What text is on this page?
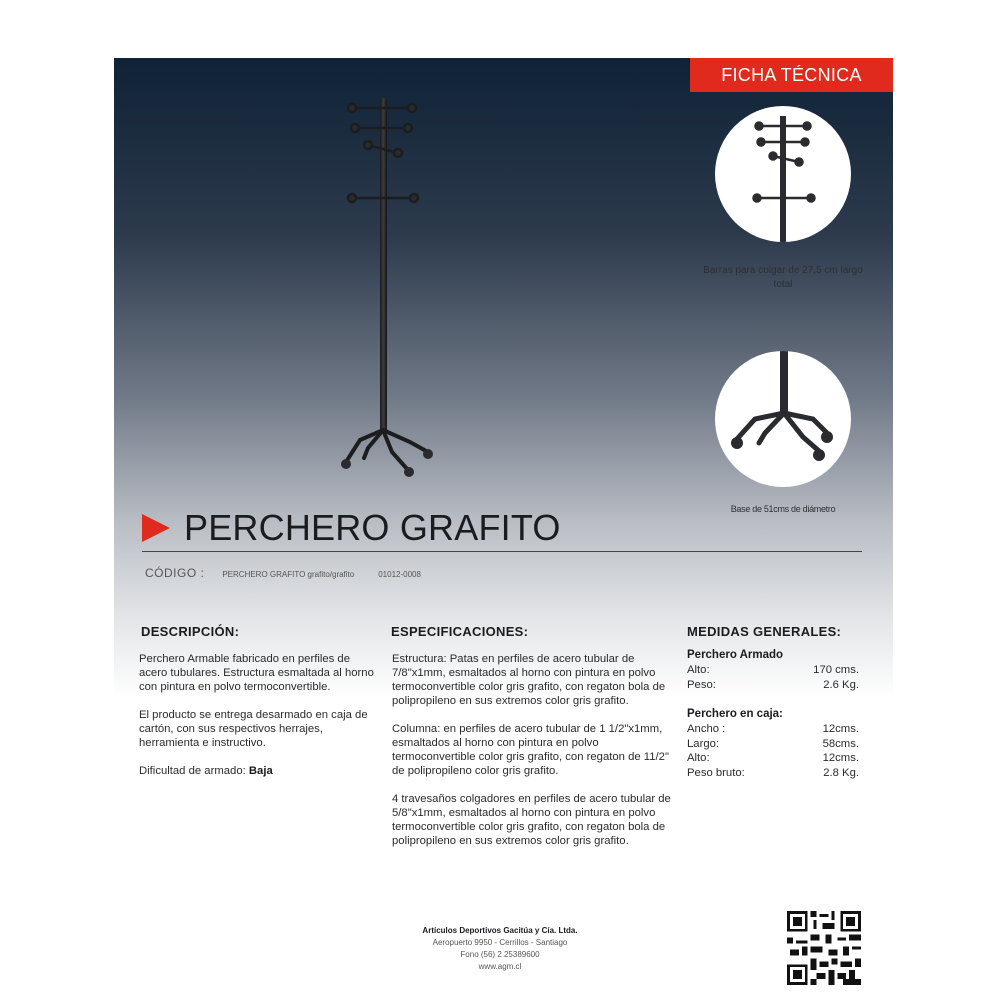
FICHA TÉCNICA
Barras para colgar de 27,5 cm largo total
Base de 51cms de diámetro
PERCHERO GRAFITO
CÓDIGO : PERCHERO GRAFITO grafito/grafito	01012-0008
DESCRIPCIÓN:	ESPECIFICACIONES:	MEDIDAS GENERALES:

Perchero Armable fabricado en perfiles de acero tubulares. Estructura esmaltada al horno con pintura en polvo termoconvertible.

El producto se entrega desarmado en caja de cartón, con sus respectivos herrajes, herramienta e instructivo.

Dificultad de armado: Baja

Estructura: Patas en perfiles de acero tubular de 7/8"x1mm, esmaltados al horno con pintura en polvo termoconvertible color gris grafito, con regaton bola de polipropileno en sus extremos color gris grafito.

Columna: en perfiles de acero tubular de 1 1/2"x1mm, esmaltados al horno con pintura en polvo termoconvertible color gris grafito, con regaton de 11/2" de polipropileno color gris grafito.

4 travesaños colgadores en perfiles de acero tubular de 5/8"x1mm, esmaltados al horno con pintura en polvo termoconvertible color gris grafito, con regaton bola de polipropileno en sus extremos color gris grafito.

Perchero Armado
Alto:	170 cms.
Peso:	2.6 Kg.
Perchero en caja:
Ancho :	12cms.
Largo:	58cms.
Alto:	12cms.
Peso bruto:	2.8 Kg.
Artículos Deportivos Gacitúa y Cía. Ltda.
Aeropuerto 9950 - Cerrillos - Santiago
Fono (56) 2 25389600
www.agm.cl
